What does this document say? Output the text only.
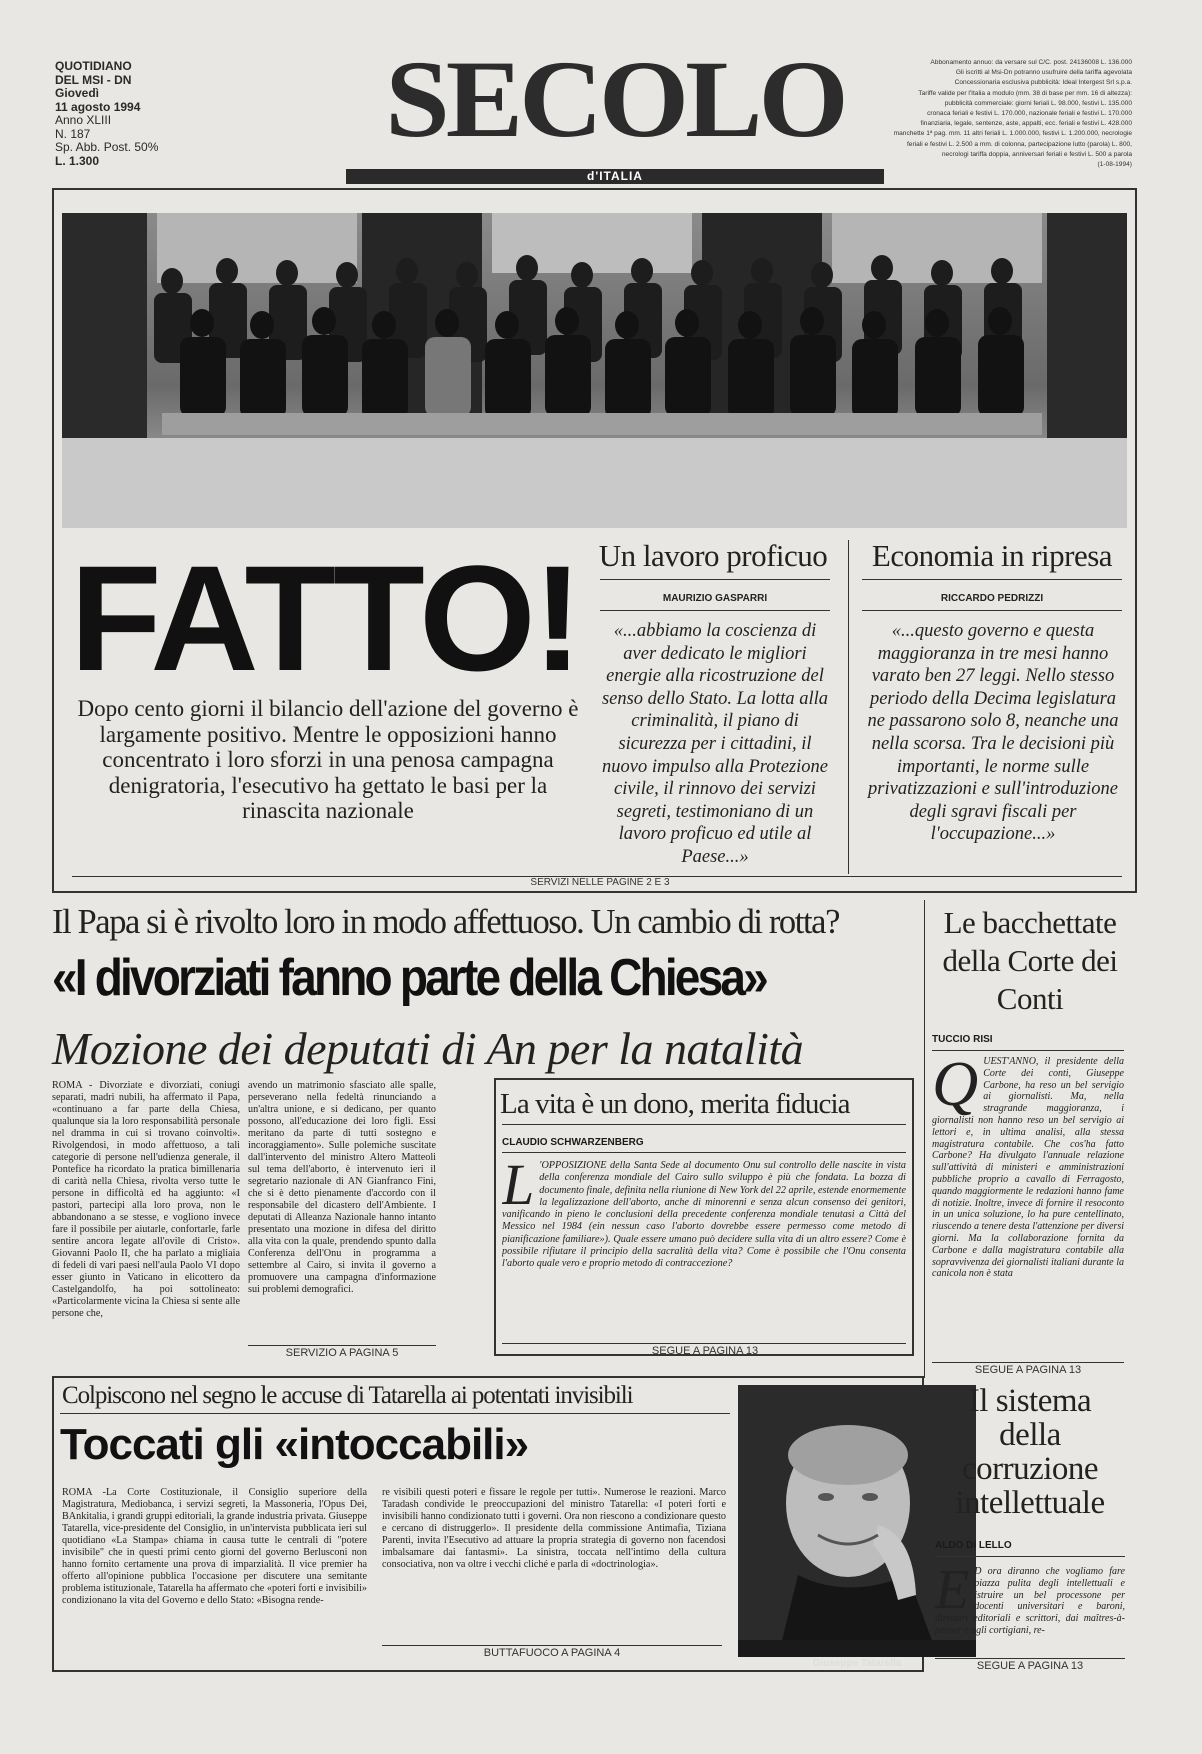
QUOTIDIANO
DEL MSI - DN
Giovedì
11 agosto 1994
Anno XLIII
N. 187
Sp. Abb. Post. 50%
L. 1.300	SECOLO
d'ITALIA
Abbonamento annuo: da versare sul C/C. post. 24136008 L. 136.000
Gli iscritti al Msi-Dn potranno usufruire della tariffa agevolata
Concessionaria esclusiva pubblicità: Ideal Intergest Srl s.p.a.
Tariffe valide per l'Italia a modulo (mm. 38 di base per mm. 16 di altezza):
pubblicità commerciale: giorni feriali L. 98.000, festivi L. 135.000
cronaca feriali e festivi L. 170.000, nazionale feriali e festivi L. 170.000
finanziaria, legale, sentenze, aste, appalti, ecc. feriali e festivi L. 428.000
manchette 1ª pag. mm. 11 altri feriali L. 1.000.000, festivi L. 1.200.000, necrologie
feriali e festivi L. 2.500 a mm. di colonna, partecipazione lutto (parola) L. 800,
necrologi tariffa doppia, anniversari feriali e festivi L. 500 a parola
(1-08-1994)
FATTO!
Dopo cento giorni il bilancio dell'azione del governo è largamente positivo. Mentre le opposizioni hanno concentrato i loro sforzi in una penosa campagna denigratoria, l'esecutivo ha gettato le basi per la rinascita nazionale
Un lavoro proficuo
MAURIZIO GASPARRI
«...abbiamo la coscienza di aver dedicato le migliori energie alla ricostruzione del senso dello Stato. La lotta alla criminalità, il piano di sicurezza per i cittadini, il nuovo impulso alla Protezione civile, il rinnovo dei servizi segreti, testimoniano di un lavoro proficuo ed utile al Paese...»
Economia in ripresa
RICCARDO PEDRIZZI
«...questo governo e questa maggioranza in tre mesi hanno varato ben 27 leggi. Nello stesso periodo della Decima legislatura ne passarono solo 8, neanche una nella scorsa. Tra le decisioni più importanti, le norme sulle privatizzazioni e sull'introduzione degli sgravi fiscali per l'occupazione...»
SERVIZI NELLE PAGINE 2 E 3
Il Papa si è rivolto loro in modo affettuoso. Un cambio di rotta?
«I divorziati fanno parte della Chiesa»
Mozione dei deputati di An per la natalità
ROMA - Divorziate e divorziati, coniugi separati, madri nubili, ha affermato il Papa, «continuano a far parte della Chiesa, qualunque sia la loro responsabilità personale nel dramma in cui si trovano coinvolti». Rivolgendosi, in modo affettuoso, a tali categorie di persone nell'udienza generale, il Pontefice ha ricordato la pratica bimillenaria di carità nella Chiesa, rivolta verso tutte le persone in difficoltà ed ha aggiunto: «I pastori, partecipi alla loro prova, non le abbandonano a se stesse, e vogliono invece fare il possibile per aiutarle, confortarle, farle sentire ancora legate all'ovile di Cristo». Giovanni Paolo II, che ha parlato a migliaia di fedeli di vari paesi nell'aula Paolo VI dopo esser giunto in Vaticano in elicottero da Castelgandolfo, ha poi sottolineato: «Particolarmente vicina la Chiesa si sente alle persone che,
avendo un matrimonio sfasciato alle spalle, perseverano nella fedeltà rinunciando a un'altra unione, e si dedicano, per quanto possono, all'educazione dei loro figli. Essi meritano da parte di tutti sostegno e incoraggiamento». Sulle polemiche suscitate dall'intervento del ministro Altero Matteoli sul tema dell'aborto, è intervenuto ieri il segretario nazionale di AN Gianfranco Fini, che si è detto pienamente d'accordo con il responsabile del dicastero dell'Ambiente. I deputati di Alleanza Nazionale hanno intanto presentato una mozione in difesa del diritto alla vita con la quale, prendendo spunto dalla Conferenza dell'Onu in programma a settembre al Cairo, si invita il governo a promuovere una campagna d'informazione sui problemi demografici.
SERVIZIO A PAGINA 5
La vita è un dono, merita fiducia
CLAUDIO SCHWARZENBERG
L 'OPPOSIZIONE della Santa Sede al documento Onu sul controllo delle nascite in vista della conferenza mondiale del Cairo sullo sviluppo è più che fondata. La bozza di documento finale, definita nella riunione di New York del 22 aprile, estende enormemente la legalizzazione dell'aborto, anche di minorenni e senza alcun consenso dei genitori, vanificando in pieno le conclusioni della precedente conferenza mondiale tenutasi a Città del Messico nel 1984 (ein nessun caso l'aborto dovrebbe essere permesso come metodo di pianificazione familiare»). Quale essere umano può decidere sulla vita di un altro essere? Come è possibile rifiutare il principio della sacralità della vita? Come è possibile che l'Onu consenta l'aborto quale vero e proprio metodo di contraccezione?
SEGUE A PAGINA 13
Le bacchettate della Corte dei Conti
TUCCIO RISI
QUEST'ANNO, il presidente della Corte dei conti, Giuseppe Carbone, ha reso un bel servigio ai giornalisti. Ma, nella stragrande maggioranza, i giornalisti non hanno reso un bel servigio ai lettori e, in ultima analisi, alla stessa magistratura contabile. Che cos'ha fatto Carbone? Ha divulgato l'annuale relazione sull'attività di ministeri e amministrazioni pubbliche proprio a cavallo di Ferragosto, quando maggiormente le redazioni hanno fame di notizie. Inoltre, invece di fornire il resoconto in un unica soluzione, lo ha pure centellinato, riuscendo a tenere desta l'attenzione per diversi giorni. Ma la collaborazione fornita da Carbone e dalla magistratura contabile alla sopravvivenza dei giornalisti italiani durante la canicola non è stata
SEGUE A PAGINA 13
Colpiscono nel segno le accuse di Tatarella ai potentati invisibili
Toccati gli «intoccabili»
ROMA -La Corte Costituzionale, il Consiglio superiore della Magistratura, Mediobanca, i servizi segreti, la Massoneria, l'Opus Dei, BAnkitalia, i grandi gruppi editoriali, la grande industria privata. Giuseppe Tatarella, vice-presidente del Consiglio, in un'intervista pubblicata ieri sul quotidiano «La Stampa» chiama in causa tutte le centrali di "potere invisibile" che in questi primi cento giorni del governo Berlusconi non hanno fornito certamente una prova di imparzialità. Il vice premier ha offerto all'opinione pubblica l'occasione per discutere una semitante problema istituzionale, Tatarella ha affermato che «poteri forti e invisibili» condizionano la vita del Governo e dello Stato: «Bisogna rende-
re visibili questi poteri e fissare le regole per tutti». Numerose le reazioni. Marco Taradash condivide le preoccupazioni del ministro Tatarella: «I poteri forti e invisibili hanno condizionato tutti i governi. Ora non riescono a condizionare questo e cercano di distruggerlo». Il presidente della commissione Antimafia, Tiziana Parenti, invita l'Esecutivo ad attuare la propria strategia di governo non facendosi imbalsamare dai fantasmi». La sinistra, toccata nell'intimo della cultura consociativa, non va oltre i vecchi cliché e parla di «doctrinologia».
BUTTAFUOCO A PAGINA 4
Giuseppe Tatarella
Il sistema della corruzione intellettuale
ALDO DI LELLO
E D ora diranno che vogliamo fare piazza pulita degli intellettuali e istruire un bel processone per docenti universitari e baroni, direttori editoriali e scrittori, dai maîtres-à-penser e agli cortigiani, re-
SEGUE A PAGINA 13
